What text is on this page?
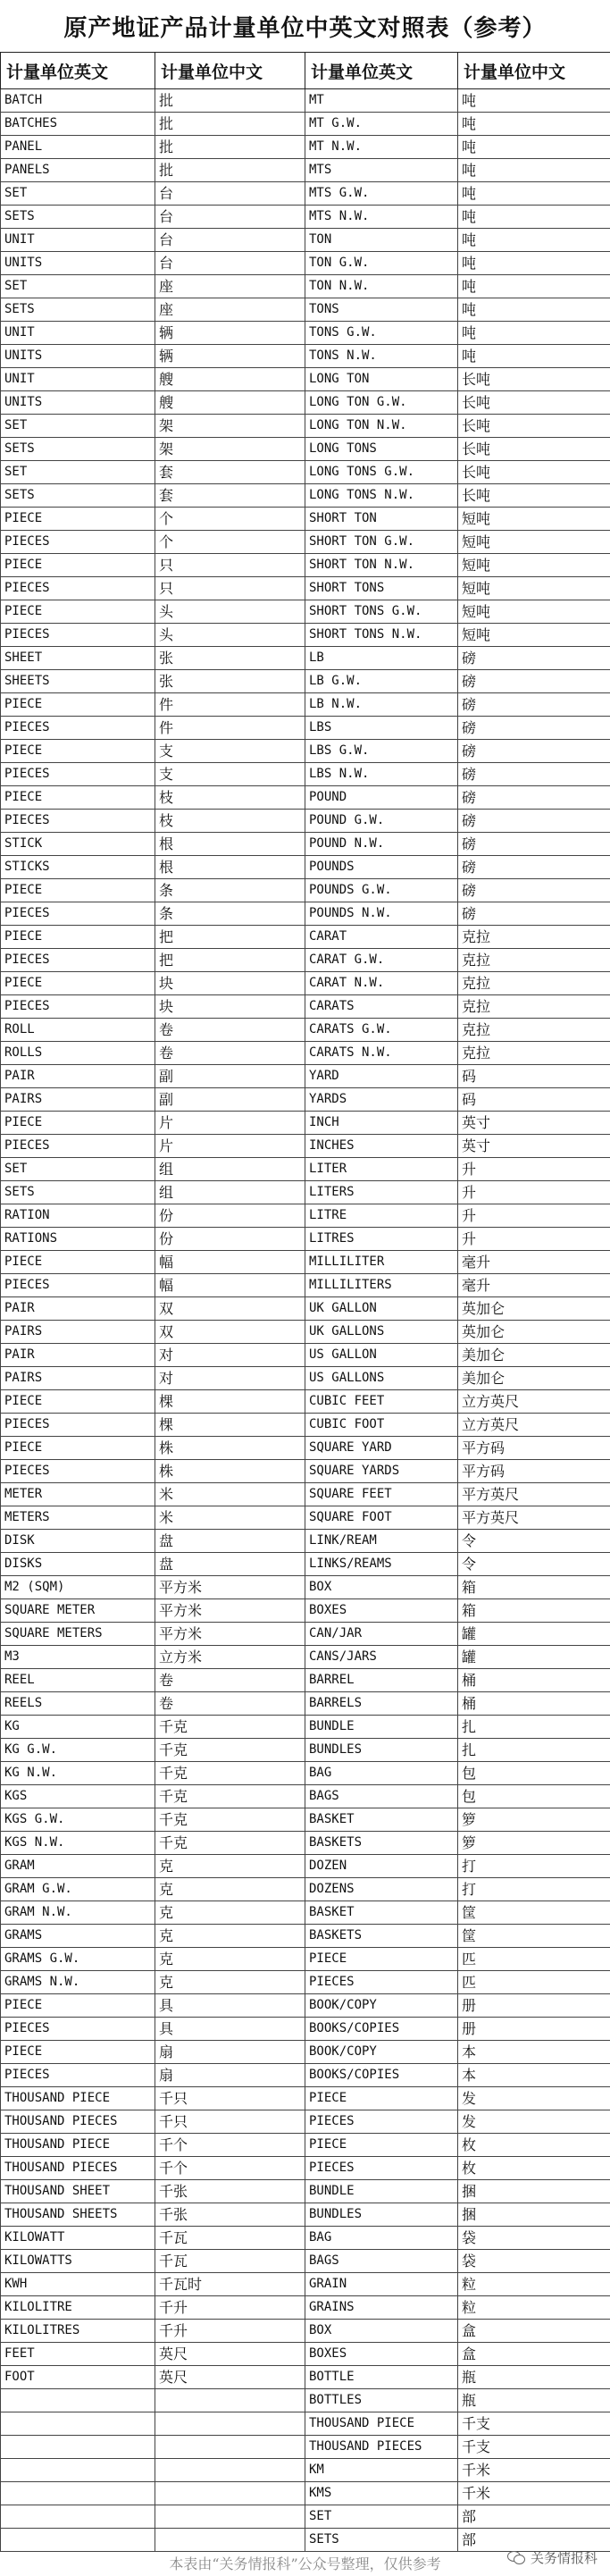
原产地证产品计量单位中英文对照表（参考）
计量单位英文	计量单位中文	计量单位英文	计量单位中文
BATCH	批	MT	吨
BATCHES	批	MT G.W.	吨
PANEL	批	MT N.W.	吨
PANELS	批	MTS	吨
SET	台	MTS G.W.	吨
SETS	台	MTS N.W.	吨
UNIT	台	TON	吨
UNITS	台	TON G.W.	吨
SET	座	TON N.W.	吨
SETS	座	TONS	吨
UNIT	辆	TONS G.W.	吨
UNITS	辆	TONS N.W.	吨
UNIT	艘	LONG TON	长吨
UNITS	艘	LONG TON G.W.	长吨
SET	架	LONG TON N.W.	长吨
SETS	架	LONG TONS	长吨
SET	套	LONG TONS G.W.	长吨
SETS	套	LONG TONS N.W.	长吨
PIECE	个	SHORT TON	短吨
PIECES	个	SHORT TON G.W.	短吨
PIECE	只	SHORT TON N.W.	短吨
PIECES	只	SHORT TONS	短吨
PIECE	头	SHORT TONS G.W.	短吨
PIECES	头	SHORT TONS N.W.	短吨
SHEET	张	LB	磅
SHEETS	张	LB G.W.	磅
PIECE	件	LB N.W.	磅
PIECES	件	LBS	磅
PIECE	支	LBS G.W.	磅
PIECES	支	LBS N.W.	磅
PIECE	枝	POUND	磅
PIECES	枝	POUND G.W.	磅
STICK	根	POUND N.W.	磅
STICKS	根	POUNDS	磅
PIECE	条	POUNDS G.W.	磅
PIECES	条	POUNDS N.W.	磅
PIECE	把	CARAT	克拉
PIECES	把	CARAT G.W.	克拉
PIECE	块	CARAT N.W.	克拉
PIECES	块	CARATS	克拉
ROLL	卷	CARATS G.W.	克拉
ROLLS	卷	CARATS N.W.	克拉
PAIR	副	YARD	码
PAIRS	副	YARDS	码
PIECE	片	INCH	英寸
PIECES	片	INCHES	英寸
SET	组	LITER	升
SETS	组	LITERS	升
RATION	份	LITRE	升
RATIONS	份	LITRES	升
PIECE	幅	MILLILITER	毫升
PIECES	幅	MILLILITERS	毫升
PAIR	双	UK GALLON	英加仑
PAIRS	双	UK GALLONS	英加仑
PAIR	对	US GALLON	美加仑
PAIRS	对	US GALLONS	美加仑
PIECE	棵	CUBIC FEET	立方英尺
PIECES	棵	CUBIC FOOT	立方英尺
PIECE	株	SQUARE YARD	平方码
PIECES	株	SQUARE YARDS	平方码
METER	米	SQUARE FEET	平方英尺
METERS	米	SQUARE FOOT	平方英尺
DISK	盘	LINK/REAM	令
DISKS	盘	LINKS/REAMS	令
M2 (SQM)	平方米	BOX	箱
SQUARE METER	平方米	BOXES	箱
SQUARE METERS	平方米	CAN/JAR	罐
M3	立方米	CANS/JARS	罐
REEL	卷	BARREL	桶
REELS	卷	BARRELS	桶
KG	千克	BUNDLE	扎
KG G.W.	千克	BUNDLES	扎
KG N.W.	千克	BAG	包
KGS	千克	BAGS	包
KGS G.W.	千克	BASKET	箩
KGS N.W.	千克	BASKETS	箩
GRAM	克	DOZEN	打
GRAM G.W.	克	DOZENS	打
GRAM N.W.	克	BASKET	筐
GRAMS	克	BASKETS	筐
GRAMS G.W.	克	PIECE	匹
GRAMS N.W.	克	PIECES	匹
PIECE	具	BOOK/COPY	册
PIECES	具	BOOKS/COPIES	册
PIECE	扇	BOOK/COPY	本
PIECES	扇	BOOKS/COPIES	本
THOUSAND PIECE	千只	PIECE	发
THOUSAND PIECES	千只	PIECES	发
THOUSAND PIECE	千个	PIECE	枚
THOUSAND PIECES	千个	PIECES	枚
THOUSAND SHEET	千张	BUNDLE	捆
THOUSAND SHEETS	千张	BUNDLES	捆
KILOWATT	千瓦	BAG	袋
KILOWATTS	千瓦	BAGS	袋
KWH	千瓦时	GRAIN	粒
KILOLITRE	千升	GRAINS	粒
KILOLITRES	千升	BOX	盒
FEET	英尺	BOXES	盒
FOOT	英尺	BOTTLE	瓶
		BOTTLES	瓶
		THOUSAND PIECE	千支
		THOUSAND PIECES	千支
		KM	千米
		KMS	千米
		SET	部
		SETS	部
本表由“关务情报科”公众号整理，仅供参考	关务情报科
